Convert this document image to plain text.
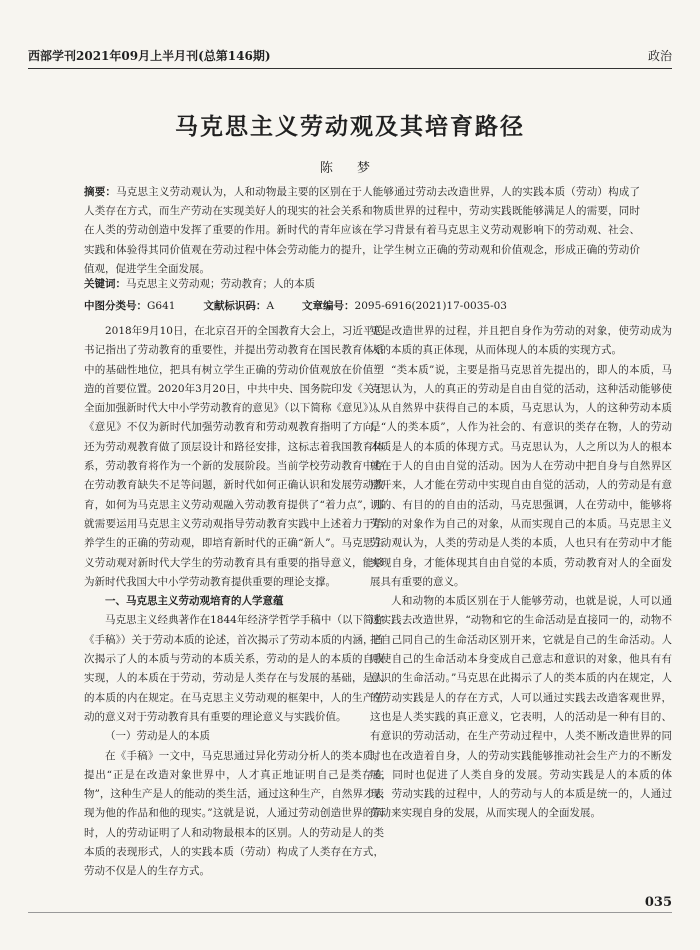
西部学刊2021年09月上半月刊(总第146期)	政治
马克思主义劳动观及其培育路径
陈 梦
摘要：马克思主义劳动观认为，人和动物最主要的区别在于人能够通过劳动去改造世界，人的实践本质（劳动）构成了人类存在方式，而生产劳动在实现美好人的现实的社会关系和物质世界的过程中，劳动实践既能够满足人的需要，同时在人类的劳动创造中发挥了重要的作用。新时代的青年应该在学习背景有着马克思主义劳动观影响下的劳动观、社会、实践和体验得其同价值观在劳动过程中体会劳动能力的提升，让学生树立正确的劳动观和价值观念，形成正确的劳动价值观，促进学生全面发展。
关键词：马克思主义劳动观；劳动教育；人的本质
中图分类号：G641	文献标识码：A	文章编号：2095-6916(2021)17-0035-03

2018年9月10日，在北京召开的全国教育大会上，习近平总书记指出了劳动教育的重要性，并提出劳动教育在国民教育体系中的基础性地位，把具有树立学生正确的劳动价值观放在价值塑造的首要位置。2020年3月20日，中共中央、国务院印发《关于全面加强新时代大中小学劳动教育的意见》（以下简称《意见》）。《意见》不仅为新时代加强劳动教育和劳动观教育指明了方向，还为劳动观教育做了顶层设计和路径安排，这标志着我国教育体系，劳动教育将作为一个新的发展阶段。当前学校劳动教育中存在劳动教育缺失不足等问题，新时代如何正确认识和发展劳动教育，如何为马克思主义劳动观融入劳动教育提供了“着力点”，那就需要运用马克思主义劳动观指导劳动教育实践中上述着力于培养学生的正确的劳动观，即培育新时代的正确“新人”。马克思主义劳动观对新时代大学生的劳动教育具有重要的指导意义，能够为新时代我国大中小学劳动教育提供重要的理论支撑。

一、马克思主义劳动观培育的人学意蕴

马克思主义经典著作在1844年经济学哲学手稿中（以下简称《手稿》）关于劳动本质的论述，首次揭示了劳动本质的内涵，首次揭示了人的本质与劳动的本质关系，劳动的是人的本质的自我实现，人的本质在于劳动，劳动是人类存在与发展的基础，是人的本质的内在规定。在马克思主义劳动观的框架中，人的生产劳动的意义对于劳动教育具有重要的理论意义与实践价值。

（一）劳动是人的本质

在《手稿》一文中，马克思通过异化劳动分析人的类本质，提出“正是在改造对象世界中，人才真正地证明自己是类存在物”，这种生产是人的能动的类生活，通过这种生产，自然界才表现为他的作品和他的现实。”这就是说，人通过劳动创造世界的同时，人的劳动证明了人和动物最根本的区别。人的劳动是人的类本质的表现形式，人的实践本质（劳动）构成了人类存在方式，劳动不仅是人的生存方式。

更是改造世界的过程，并且把自身作为劳动的对象，使劳动成为人的本质的真正体现，从而体现人的本质的实现方式。

“类本质”说，主要是指马克思首先提出的，即人的本质，马克思认为，人的真正的劳动是自由自觉的活动，这种活动能够使人从自然界中获得自己的本质，马克思认为，人的这种劳动本质是“人的类本质”，人作为社会的、有意识的类存在物，人的劳动本质是人的本质的体现方式。马克思认为，人之所以为人的根本就在于人的自由自觉的活动。因为人在劳动中把自身与自然界区别开来，人才能在劳动中实现自由自觉的活动，人的劳动是有意识的、有目的的自由的活动，马克思强调，人在劳动中，能够将劳动的对象作为自己的对象，从而实现自己的本质。马克思主义劳动观认为，人类的劳动是人类的本质，人也只有在劳动中才能实现自身，才能体现其自由自觉的本质，劳动教育对人的全面发展具有重要的意义。

人和动物的本质区别在于人能够劳动，也就是说，人可以通过实践去改造世界，“动物和它的生命活动是直接同一的，动物不把自己同自己的生命活动区别开来，它就是自己的生命活动。人则使自己的生命活动本身变成自己意志和意识的对象，他具有有意识的生命活动。”马克思在此揭示了人的类本质的内在规定，人的劳动实践是人的存在方式，人可以通过实践去改造客观世界，这也是人类实践的真正意义，它表明，人的活动是一种有目的、有意识的劳动活动，在生产劳动过程中，人类不断改造世界的同时也在改造着自身，人的劳动实践能够推动社会生产力的不断发展，同时也促进了人类自身的发展。劳动实践是人的本质的体现，劳动实践的过程中，人的劳动与人的本质是统一的，人通过劳动来实现自身的发展，从而实现人的全面发展。

035
